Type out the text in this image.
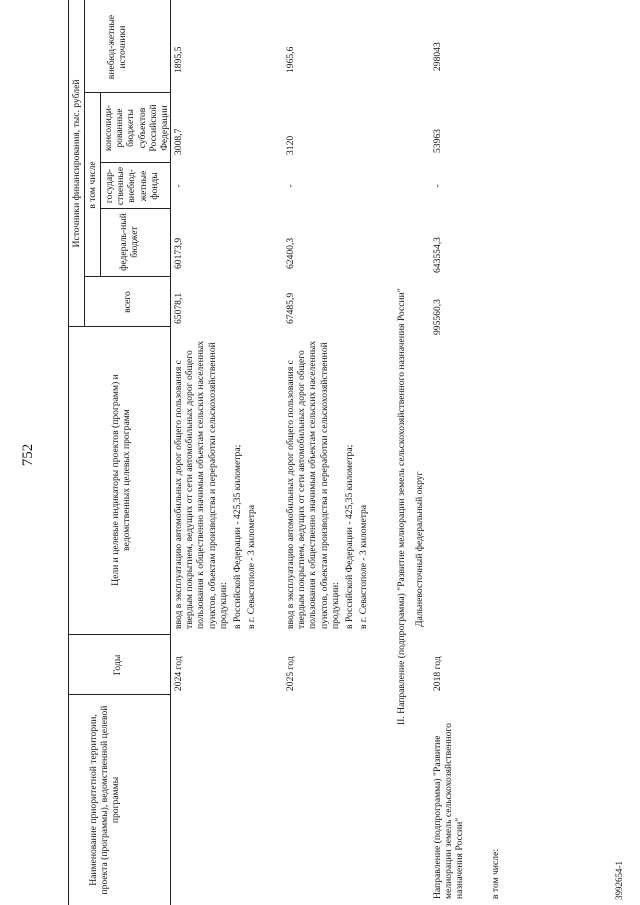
752
Наименование приоритетной территории, проекта (программы), ведомственной целевой программы
Годы
Цели и целевые индикаторы проектов (программ) и ведомственных целевых программ
Источники финансирования, тыс. рублей
всего
в том числе
федераль-ный бюджет
государ-ственные внебюд-жетные фонды
консолиди-рованные бюджеты субъектов Российской Федерации
внебюд-жетные источники
2024 год
ввод в эксплуатацию автомобильных дорог общего пользования с твердым покрытием, ведущих от сети автомобильных дорог общего пользования к общественно значимым объектам сельских населенных пунктов, объектам производства и переработки сельскохозяйственной продукции: в Российской Федерации - 425,35 километра; в г. Севастополе - 3 километра
65078,1
60173,9
-
3008,7
1895,5
2025 год
ввод в эксплуатацию автомобильных дорог общего пользования с твердым покрытием, ведущих от сети автомобильных дорог общего пользования к общественно значимым объектам сельских населенных пунктов, объектам производства и переработки сельскохозяйственной продукции: в Российской Федерации - 425,35 километра; в г. Севастополе - 3 километра
67485,9
62400,3
-
3120
1965,6
II. Направление (подпрограмма) "Развитие мелиорации земель сельскохозяйственного назначения России" Дальневосточный федеральный округ
Направление (подпрограмма) "Развитие мелиорации земель сельскохозяйственного назначения России"
2018 год
995560,3
643554,3
-
53963
298043
в том числе:	3992654-1
